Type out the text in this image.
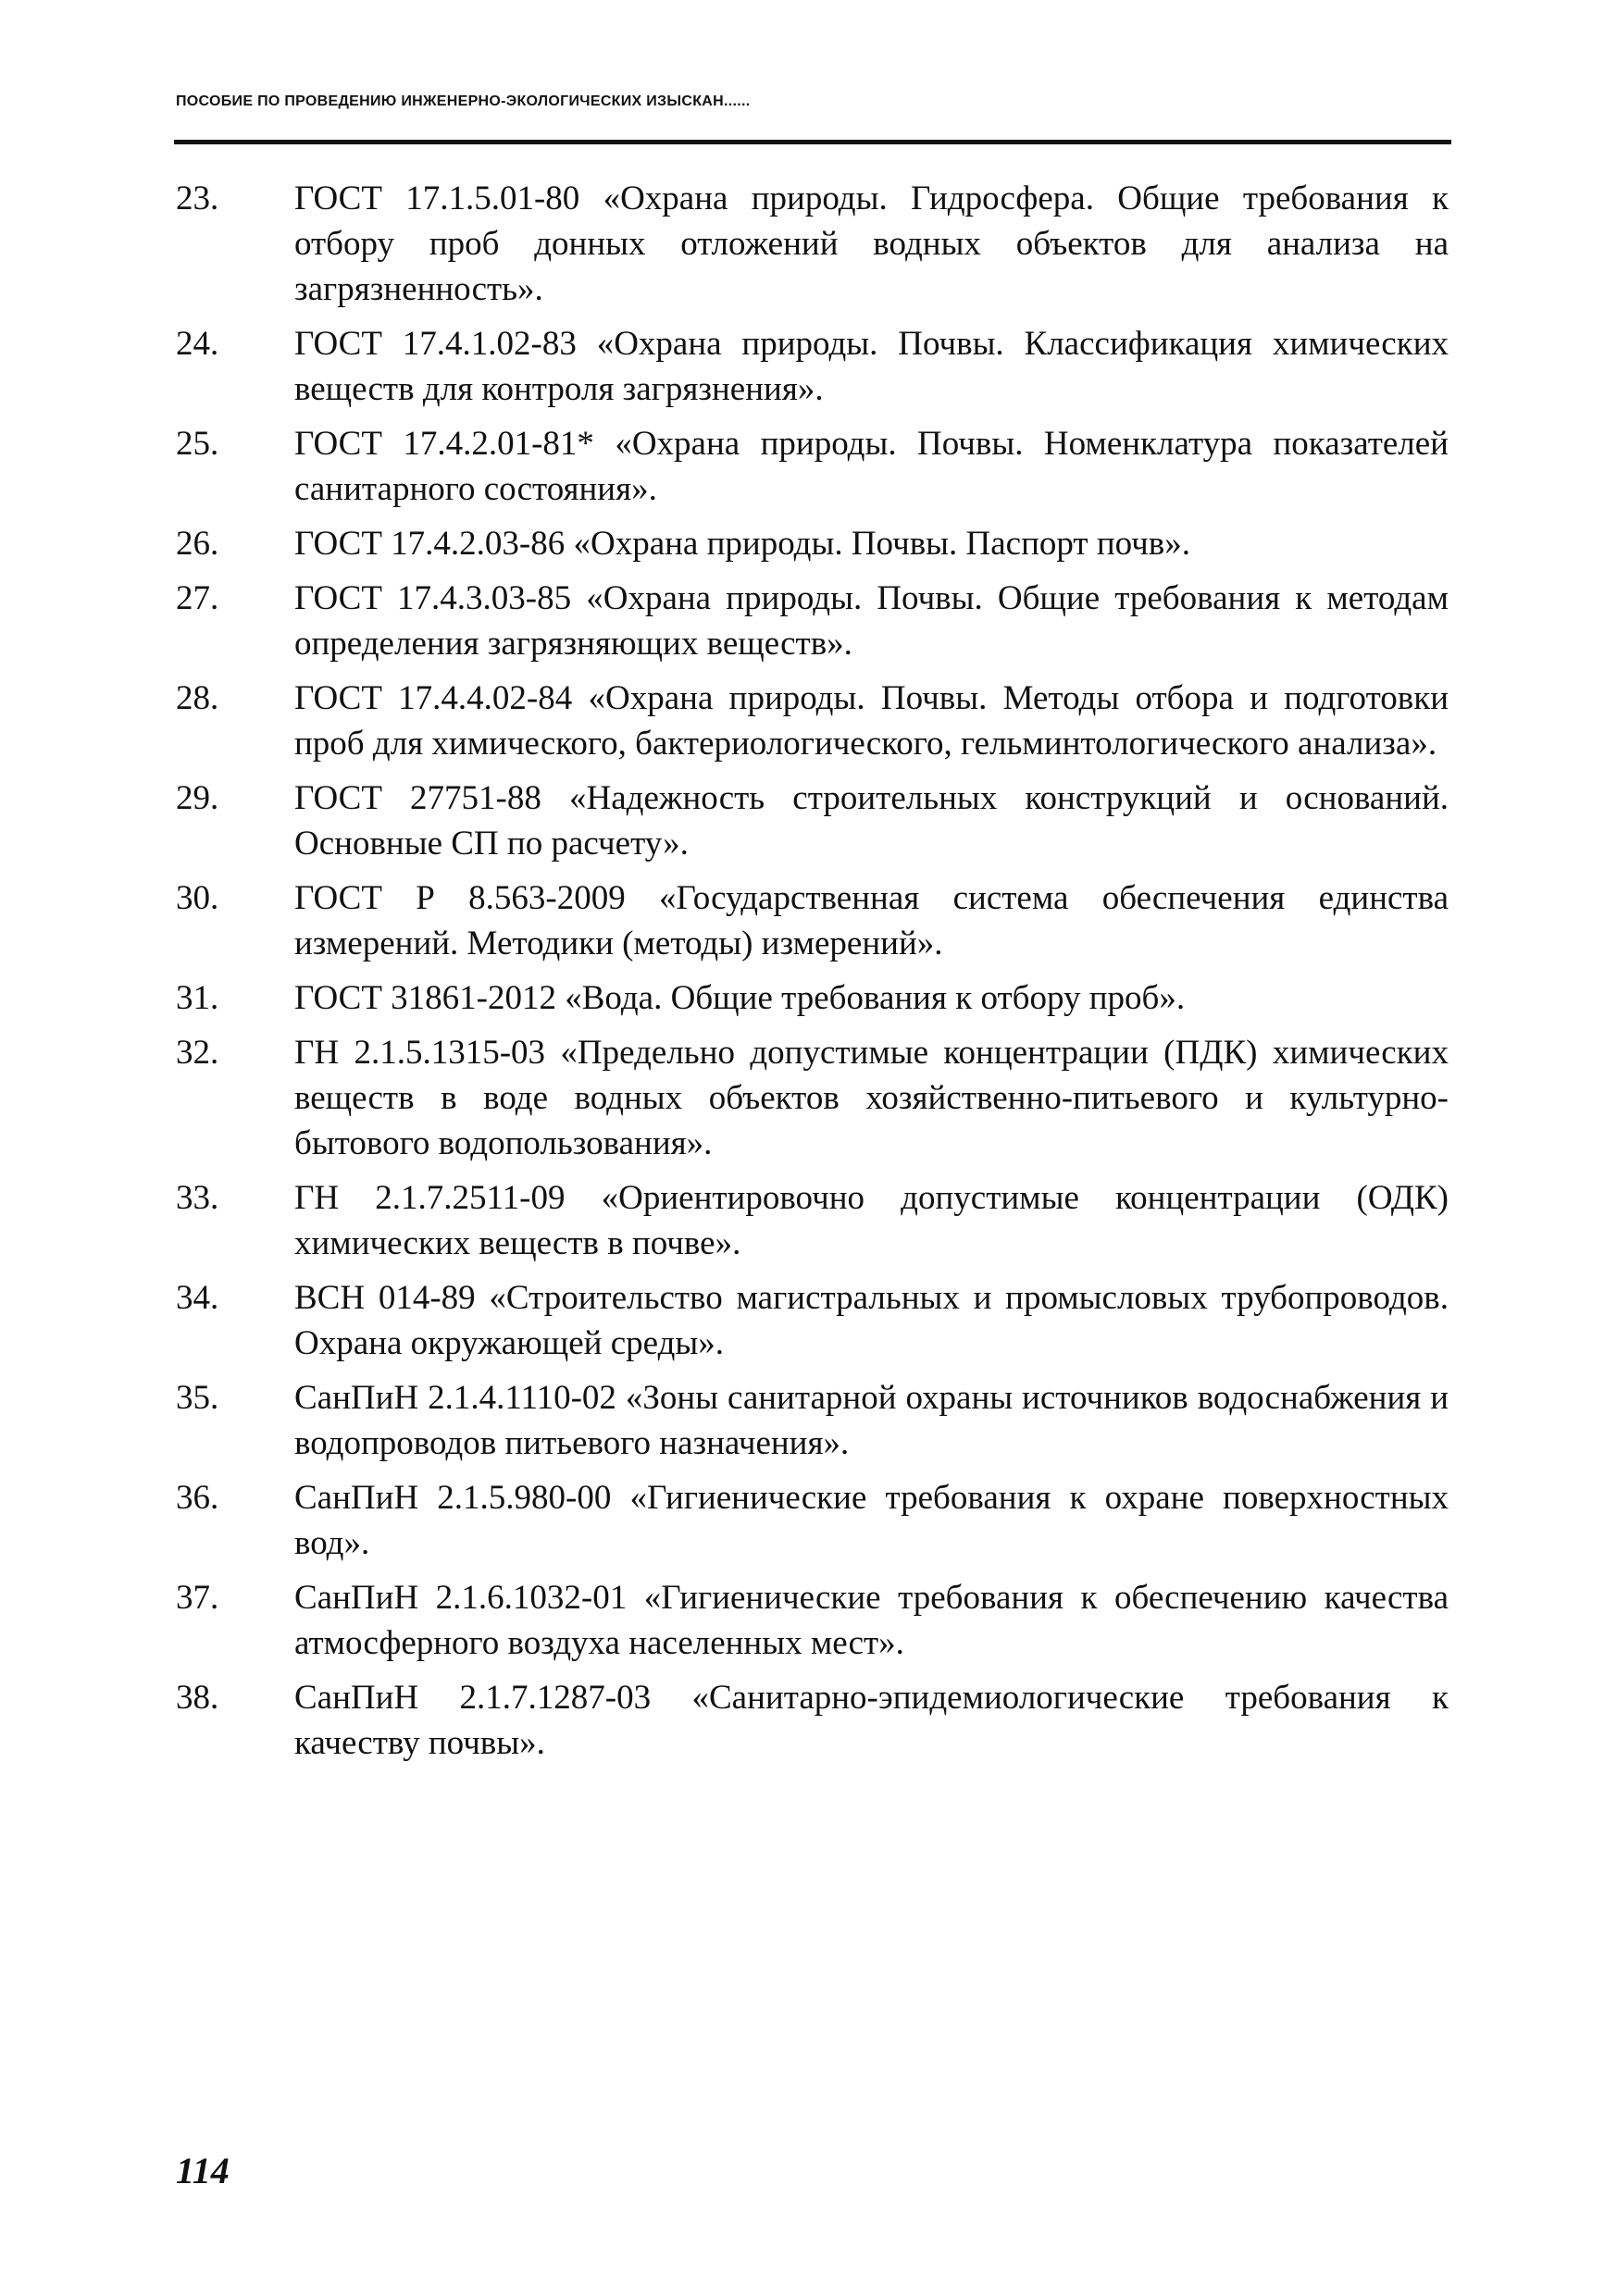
ПОСОБИЕ ПО ПРОВЕДЕНИЮ ИНЖЕНЕРНО-ЭКОЛОГИЧЕСКИХ ИЗЫСКАН......
23.	ГОСТ 17.1.5.01-80 «Охрана природы. Гидросфера. Общие требования к отбору проб донных отложений водных объектов для анализа на загрязненность».
24.	ГОСТ 17.4.1.02-83 «Охрана природы. Почвы. Классификация химических веществ для контроля загрязнения».
25.	ГОСТ 17.4.2.01-81* «Охрана природы. Почвы. Номенклатура показателей санитарного состояния».
26.	ГОСТ 17.4.2.03-86 «Охрана природы. Почвы. Паспорт почв».
27.	ГОСТ 17.4.3.03-85 «Охрана природы. Почвы. Общие требования к методам определения загрязняющих веществ».
28.	ГОСТ 17.4.4.02-84 «Охрана природы. Почвы. Методы отбора и подготовки проб для химического, бактериологического, гельминтологического анализа».
29.	ГОСТ 27751-88 «Надежность строительных конструкций и оснований. Основные СП по расчету».
30.	ГОСТ Р 8.563-2009 «Государственная система обеспечения единства измерений. Методики (методы) измерений».
31.	ГОСТ 31861-2012 «Вода. Общие требования к отбору проб».
32.	ГН 2.1.5.1315-03 «Предельно допустимые концентрации (ПДК) химических веществ в воде водных объектов хозяйственно-питьевого и культурно-бытового водопользования».
33.	ГН 2.1.7.2511-09 «Ориентировочно допустимые концентрации (ОДК) химических веществ в почве».
34.	ВСН 014-89 «Строительство магистральных и промысловых трубопроводов. Охрана окружающей среды».
35.	СанПиН 2.1.4.1110-02 «Зоны санитарной охраны источников водоснабжения и водопроводов питьевого назначения».
36.	СанПиН 2.1.5.980-00 «Гигиенические требования к охране поверхностных вод».
37.	СанПиН 2.1.6.1032-01 «Гигиенические требования к обеспечению качества атмосферного воздуха населенных мест».
38.	СанПиН 2.1.7.1287-03 «Санитарно-эпидемиологические требования к качеству почвы».
114
